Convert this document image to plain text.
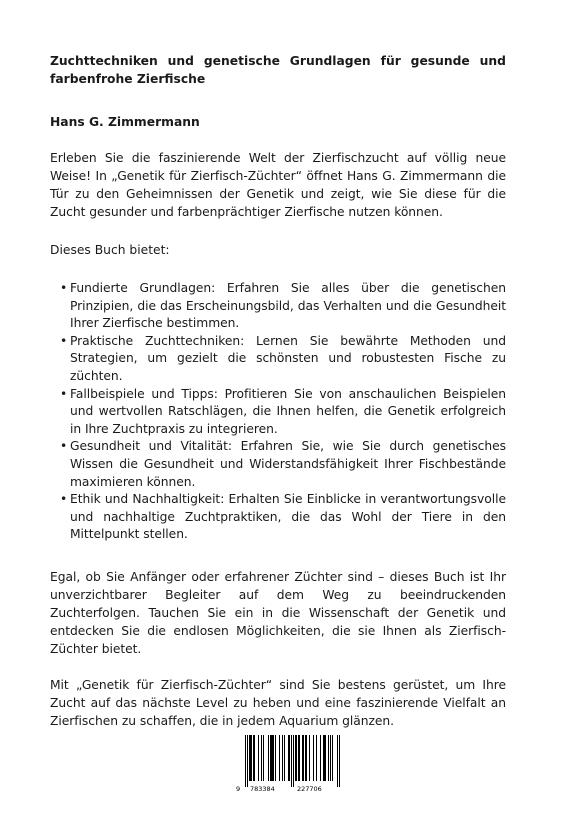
Zuchttechniken und genetische Grundlagen für gesunde und farbenfrohe Zierfische

Hans G. Zimmermann

Erleben Sie die faszinierende Welt der Zierfischzucht auf völlig neue Weise! In „Genetik für Zierfisch-Züchter“ öffnet Hans G. Zimmermann die Tür zu den Geheimnissen der Genetik und zeigt, wie Sie diese für die Zucht gesunder und farbenprächtiger Zierfische nutzen können.

Dieses Buch bietet:

• Fundierte Grundlagen: Erfahren Sie alles über die genetischen Prinzipien, die das Erscheinungsbild, das Verhalten und die Gesundheit Ihrer Zierfische bestimmen.
• Praktische Zuchttechniken: Lernen Sie bewährte Methoden und Strategien, um gezielt die schönsten und robustesten Fische zu züchten.
• Fallbeispiele und Tipps: Profitieren Sie von anschaulichen Beispielen und wertvollen Ratschlägen, die Ihnen helfen, die Genetik erfolgreich in Ihre Zuchtpraxis zu integrieren.
• Gesundheit und Vitalität: Erfahren Sie, wie Sie durch genetisches Wissen die Gesundheit und Widerstandsfähigkeit Ihrer Fischbestände maximieren können.
• Ethik und Nachhaltigkeit: Erhalten Sie Einblicke in verantwortungsvolle und nachhaltige Zuchtpraktiken, die das Wohl der Tiere in den Mittelpunkt stellen.

Egal, ob Sie Anfänger oder erfahrener Züchter sind – dieses Buch ist Ihr unverzichtbarer Begleiter auf dem Weg zu beeindruckenden Zuchterfolgen. Tauchen Sie ein in die Wissenschaft der Genetik und entdecken Sie die endlosen Möglichkeiten, die sie Ihnen als Zierfisch-Züchter bietet.

Mit „Genetik für Zierfisch-Züchter“ sind Sie bestens gerüstet, um Ihre Zucht auf das nächste Level zu heben und eine faszinierende Vielfalt an Zierfischen zu schaffen, die in jedem Aquarium glänzen.

9 783384	227706
